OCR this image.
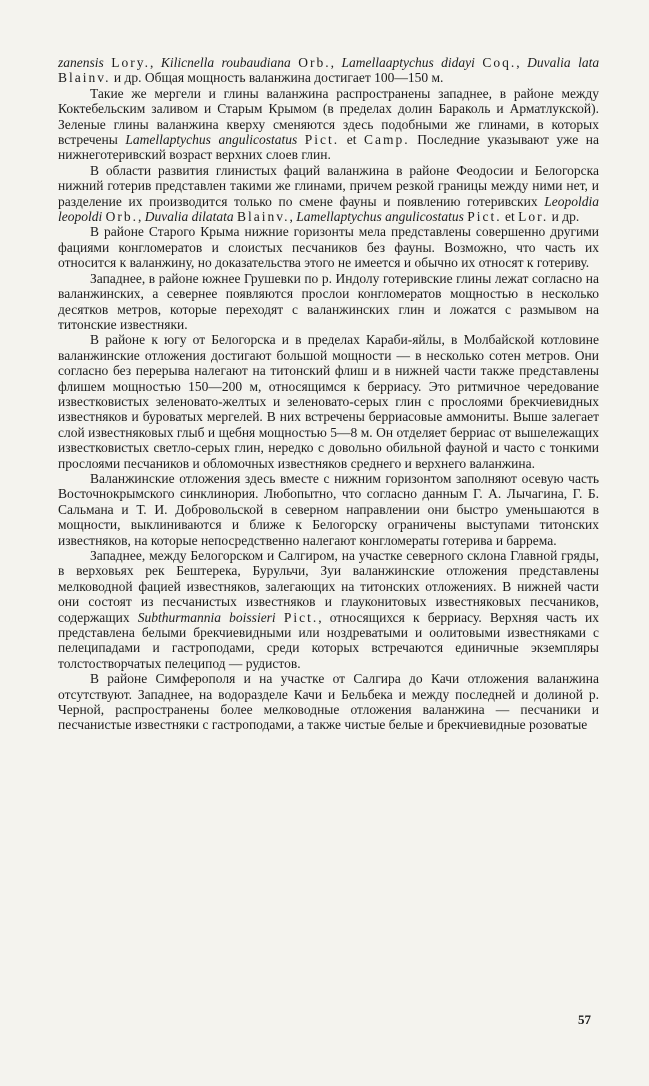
zanensis Lory., Kilicnella roubaudiana Orb., Lamellaaptychus didayi Coq., Duvalia lata Blainv. и др. Общая мощность валанжина достигает 100—150 м.

Такие же мергели и глины валанжина распространены западнее, в районе между Коктебельским заливом и Старым Крымом (в пределах долин Бараколь и Арматлукской). Зеленые глины валанжина кверху сменяются здесь подобными же глинами, в которых встречены Lamellaptychus angulicostatus Pict. et Camp. Последние указывают уже на нижнеготеривский возраст верхних слоев глин.

В области развития глинистых фаций валанжина в районе Феодосии и Белогорска нижний готерив представлен такими же глинами, причем резкой границы между ними нет, и разделение их производится только по смене фауны и появлению готеривских Leopoldia leopoldi Orb., Duvalia dilatata Blainv., Lamellaptychus angulicostatus Pict. et Lor. и др.

В районе Старого Крыма нижние горизонты мела представлены совершенно другими фациями конгломератов и слоистых песчаников без фауны. Возможно, что часть их относится к валанжину, но доказательства этого не имеется и обычно их относят к готериву.

Западнее, в районе южнее Грушевки по р. Индолу готеривские глины лежат согласно на валанжинских, а севернее появляются прослои конгломератов мощностью в несколько десятков метров, которые переходят с валанжинских глин и ложатся с размывом на титонские известняки.

В районе к югу от Белогорска и в пределах Караби-яйлы, в Молбайской котловине валанжинские отложения достигают большой мощности — в несколько сотен метров. Они согласно без перерыва налегают на титонский флиш и в нижней части также представлены флишем мощностью 150—200 м, относящимся к берриасу. Это ритмичное чередование известковистых зеленовато-желтых и зеленовато-серых глин с прослоями брекчиевидных известняков и буроватых мергелей. В них встречены берриасовые аммониты. Выше залегает слой известняковых глыб и щебня мощностью 5—8 м. Он отделяет берриас от вышележащих известковистых светло-серых глин, нередко с довольно обильной фауной и часто с тонкими прослоями песчаников и обломочных известняков среднего и верхнего валанжина.

Валанжинские отложения здесь вместе с нижним горизонтом заполняют осевую часть Восточнокрымского синклинория. Любопытно, что согласно данным Г. А. Лычагина, Г. Б. Сальмана и Т. И. Добровольской в северном направлении они быстро уменьшаются в мощности, выклиниваются и ближе к Белогорску ограничены выступами титонских известняков, на которые непосредственно налегают конгломераты готерива и баррема.

Западнее, между Белогорском и Салгиром, на участке северного склона Главной гряды, в верховьях рек Бештерека, Бурульчи, Зуи валанжинские отложения представлены мелководной фацией известняков, залегающих на титонских отложениях. В нижней части они состоят из песчанистых известняков и глауконитовых известняковых песчаников, содержащих Subthurmannia boissieri Pict., относящихся к берриасу. Верхняя часть их представлена белыми брекчиевидными или ноздреватыми и оолитовыми известняками с пелеципадами и гастроподами, среди которых встречаются единичные экземпляры толстостворчатых пелеципод — рудистов.

В районе Симферополя и на участке от Салгира до Качи отложения валанжина отсутствуют. Западнее, на водоразделе Качи и Бельбека и между последней и долиной р. Черной, распространены более мелководные отложения валанжина — песчаники и песчанистые известняки с гастроподами, а также чистые белые и брекчиевидные розоватые

57
